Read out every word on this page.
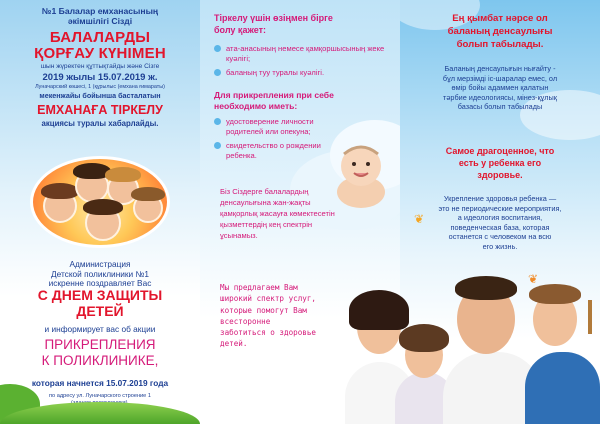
№1 Балалар емханасының
әкімшілігі Сізді
БАЛАЛАРДЫ
ҚОРҒАУ КҮНІМЕН
шын жүректен құттықтайды және Сізге
2019 жылы 15.07.2019 ж.
Луначарский көшесі, 1 (құрылыс (емхана ғимараты)
мекенжайы бойынша басталатын
ЕМХАНАҒА ТІРКЕЛУ
акциясы туралы хабарлайды.
Администрация
Детской поликлиники №1
искренне поздравляет Вас
С ДНЕМ ЗАЩИТЫ
ДЕТЕЙ
и информирует вас об акции
ПРИКРЕПЛЕНИЯ
К ПОЛИКЛИНИКЕ,
которая начнется 15.07.2019 года
по адресу ул. Луначарского строение 1
Тіркелу үшін өзіңмен бірге
болу қажет:
ата-анасының немесе қамқоршысының жеке куәлігі;
баланың туу туралы куәлігі.
Для прикрепления при себе
необходимо иметь:
удостоверение личности родителей или опекуна;
свидетельство о рождении ребенка.
Біз Сіздерге балалардың денсаулығына жан-жақты қамқорлық жасауға көмектесетін қызметтердің кең спектрін ұсынамыз.
Мы предлагаем Вам широкий спектр услуг, которые помогут Вам всесторонне заботиться о здоровье детей.
Ең қымбат нәрсе ол
баланың денсаулығы
болып табылады.
Баланың денсаулығын нығайту -
бұл мерзімді іс-шаралар емес, ол
өмір бойы адаммен қалатын
тәрбие идеологиясы, мінез-құлық
базасы болып табылады
Самое драгоценное, что
есть у ребенка его
здоровье.
Укрепление здоровья ребенка —
это не периодические мероприятия,
а идеология воспитания,
поведенческая база, которая
останется с человеком на всю
его жизнь.
❦
❦
